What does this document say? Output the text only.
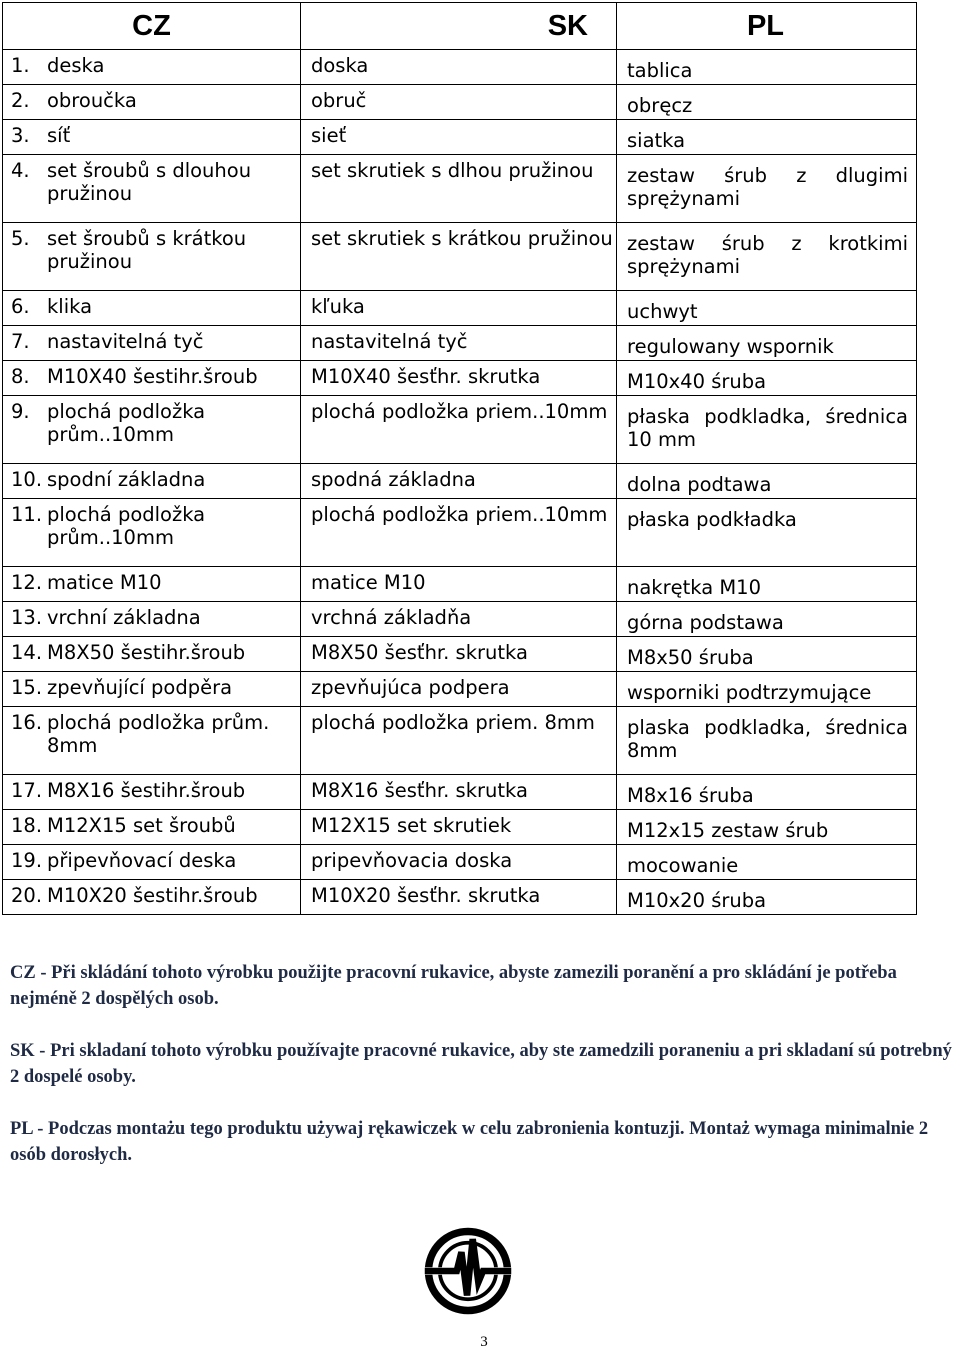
CZ	SK	PL

1. deska	doska	tablica

2. obroučka	obruč	obręcz

3. síť	sieť	siatka

4. set šroubů s dlouhou pružinou	set skrutiek s dlhou pružinou	zestaw śrub z dlugimi sprężynami

5. set šroubů s krátkou pružinou	set skrutiek s krátkou pružinou	zestaw śrub z krotkimi sprężynami

6. klika	kľuka	uchwyt

7. nastavitelná tyč	nastavitelná tyč	regulowany wspornik

8. M10X40 šestihr.šroub	M10X40 šesťhr. skrutka	M10x40 śruba

9. plochá podložka prům..10mm	plochá podložka priem..10mm	płaska podkladka, średnica 10 mm

10. spodní základna	spodná základna	dolna podtawa

11. plochá podložka prům..10mm	plochá podložka priem..10mm	płaska podkładka

12. matice M10	matice M10	nakrętka M10

13. vrchní základna	vrchná základňa	górna podstawa

14. M8X50 šestihr.šroub	M8X50 šesťhr. skrutka	M8x50 śruba

15. zpevňující podpěra	zpevňujúca podpera	wsporniki podtrzymujące

16. plochá podložka prům. 8mm	plochá podložka priem. 8mm	plaska podkladka, średnica 8mm

17. M8X16 šestihr.šroub	M8X16 šesťhr. skrutka	M8x16 śruba

18. M12X15 set šroubů	M12X15 set skrutiek	M12x15 zestaw śrub

19. připevňovací deska	pripevňovacia doska	mocowanie

20. M10X20 šestihr.šroub	M10X20 šesťhr. skrutka	M10x20 śruba

CZ - Při skládání tohoto výrobku použijte pracovní rukavice, abyste zamezili poranění a pro skládání je potřeba nejméně 2 dospělých osob.

SK - Pri skladaní tohoto výrobku používajte pracovné rukavice, aby ste zamedzili poraneniu a pri skladaní sú potrebný 2 dospelé osoby.

PL - Podczas montażu tego produktu używaj rękawiczek w celu zabronienia kontuzji. Montaż wymaga minimalnie 2 osób dorosłych.

3
